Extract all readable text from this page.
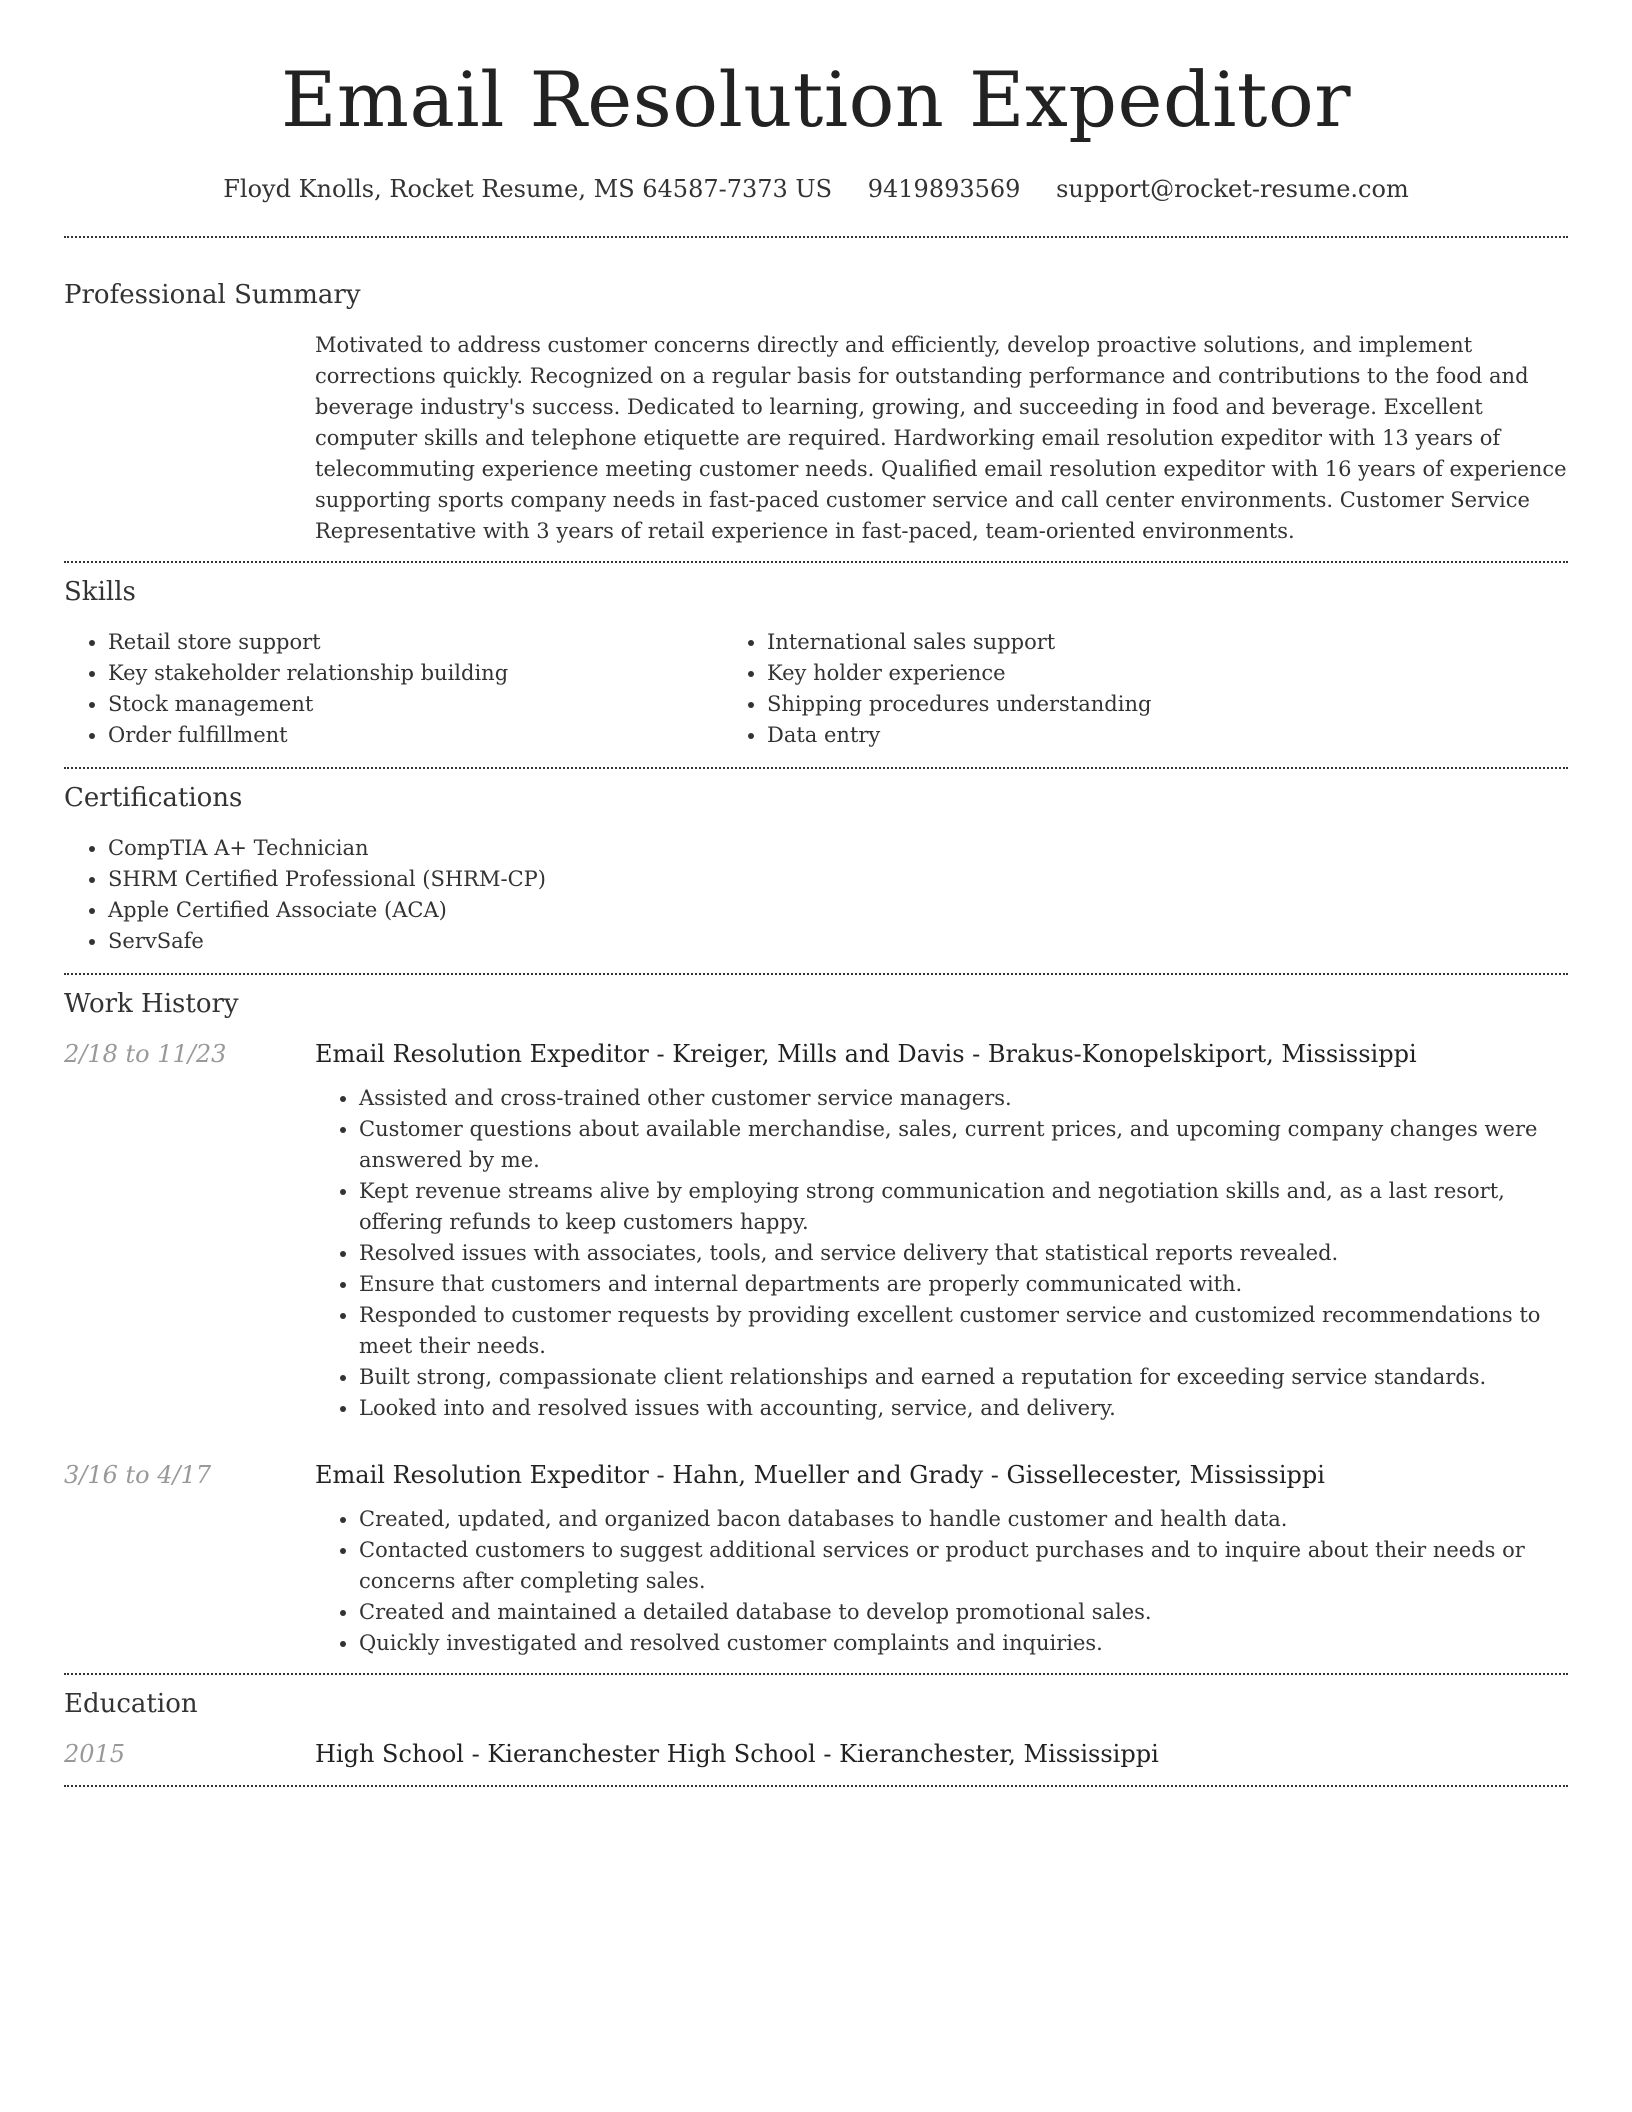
Email Resolution Expeditor
Floyd Knolls, Rocket Resume, MS 64587-7373 US 9419893569 support@rocket-resume.com
Professional Summary

Motivated to address customer concerns directly and efficiently, develop proactive solutions, and implement corrections quickly. Recognized on a regular basis for outstanding performance and contributions to the food and beverage industry's success. Dedicated to learning, growing, and succeeding in food and beverage. Excellent computer skills and telephone etiquette are required. Hardworking email resolution expeditor with 13 years of telecommuting experience meeting customer needs. Qualified email resolution expeditor with 16 years of experience supporting sports company needs in fast-paced customer service and call center environments. Customer Service Representative with 3 years of retail experience in fast-paced, team-oriented environments.

Skills
• Retail store support
• Key stakeholder relationship building
• Stock management
• Order fulfillment
• International sales support
• Key holder experience
• Shipping procedures understanding
• Data entry
Certifications
• CompTIA A+ Technician
• SHRM Certified Professional (SHRM-CP)
• Apple Certified Associate (ACA)
• ServSafe
Work History
2/18 to 11/23	Email Resolution Expeditor - Kreiger, Mills and Davis - Brakus-Konopelskiport, Mississippi
• Assisted and cross-trained other customer service managers.
• Customer questions about available merchandise, sales, current prices, and upcoming company changes were answered by me.
• Kept revenue streams alive by employing strong communication and negotiation skills and, as a last resort, offering refunds to keep customers happy.
• Resolved issues with associates, tools, and service delivery that statistical reports revealed.
• Ensure that customers and internal departments are properly communicated with.
• Responded to customer requests by providing excellent customer service and customized recommendations to meet their needs.
• Built strong, compassionate client relationships and earned a reputation for exceeding service standards.
• Looked into and resolved issues with accounting, service, and delivery.
3/16 to 4/17	Email Resolution Expeditor - Hahn, Mueller and Grady - Gissellecester, Mississippi
• Created, updated, and organized bacon databases to handle customer and health data.
• Contacted customers to suggest additional services or product purchases and to inquire about their needs or concerns after completing sales.
• Created and maintained a detailed database to develop promotional sales.
• Quickly investigated and resolved customer complaints and inquiries.
Education
2015	High School - Kieranchester High School - Kieranchester, Mississippi
